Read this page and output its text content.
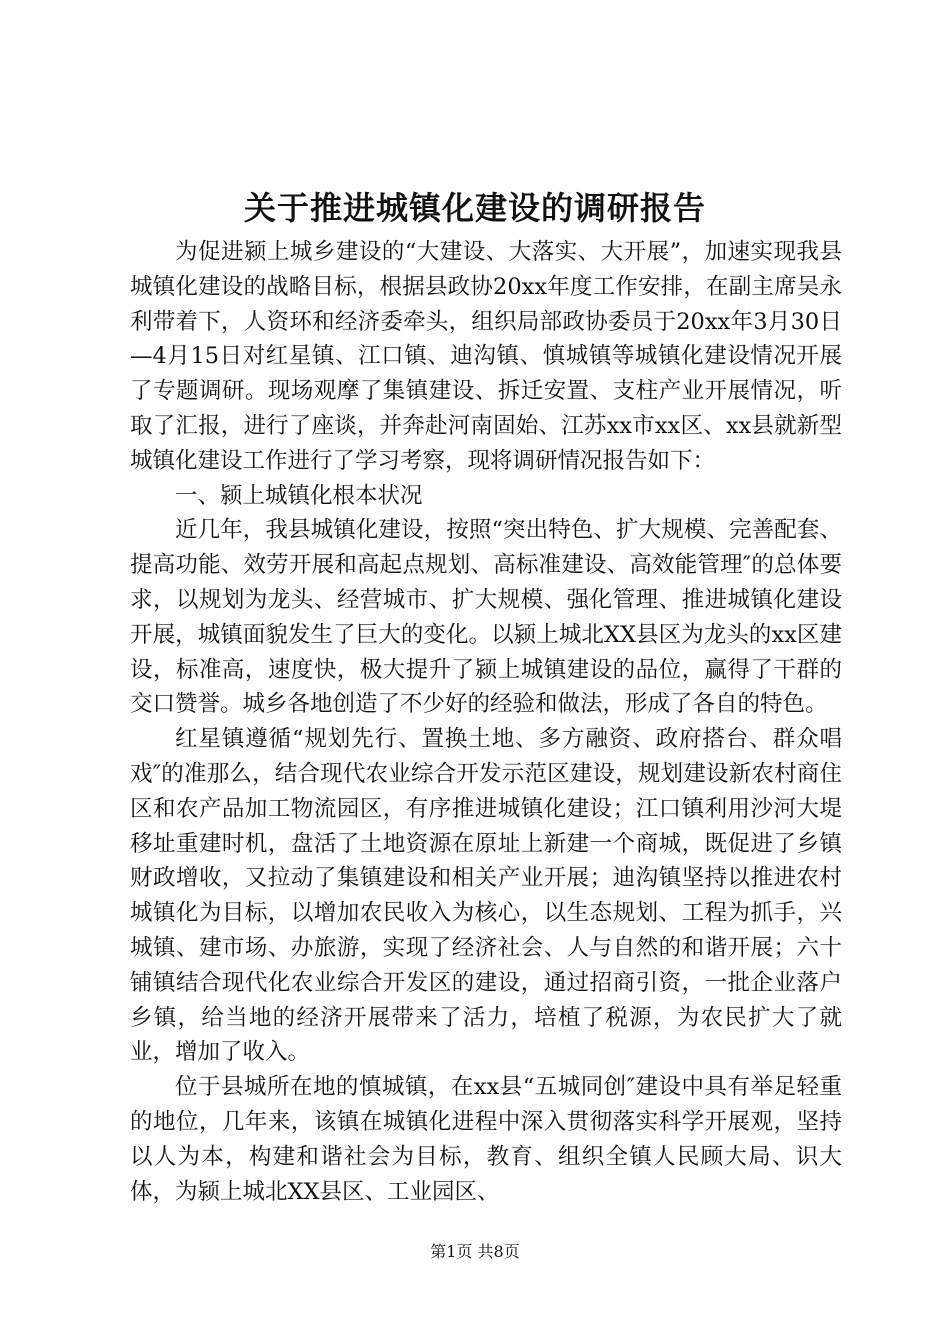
关于推进城镇化建设的调研报告

为促进颍上城乡建设的“大建设、大落实、大开展”，加速实现我县城镇化建设的战略目标，根据县政协20xx年度工作安排，在副主席吴永利带着下，人资环和经济委牵头，组织局部政协委员于20xx年3月30日—4月15日对红星镇、江口镇、迪沟镇、慎城镇等城镇化建设情况开展了专题调研。现场观摩了集镇建设、拆迁安置、支柱产业开展情况，听取了汇报，进行了座谈，并奔赴河南固始、江苏xx市xx区、xx县就新型城镇化建设工作进行了学习考察，现将调研情况报告如下：

一、颍上城镇化根本状况

近几年，我县城镇化建设，按照“突出特色、扩大规模、完善配套、提高功能、效劳开展和高起点规划、高标准建设、高效能管理″的总体要求，以规划为龙头、经营城市、扩大规模、强化管理、推进城镇化建设开展，城镇面貌发生了巨大的变化。以颍上城北XX县区为龙头的xx区建设，标准高，速度快，极大提升了颍上城镇建设的品位，赢得了干群的交口赞誉。城乡各地创造了不少好的经验和做法，形成了各自的特色。

红星镇遵循“规划先行、置换土地、多方融资、政府搭台、群众唱戏″的准那么，结合现代农业综合开发示范区建设，规划建设新农村商住区和农产品加工物流园区，有序推进城镇化建设；江口镇利用沙河大堤移址重建时机，盘活了土地资源在原址上新建一个商城，既促进了乡镇财政增收，又拉动了集镇建设和相关产业开展；迪沟镇坚持以推进农村城镇化为目标，以增加农民收入为核心，以生态规划、工程为抓手，兴城镇、建市场、办旅游，实现了经济社会、人与自然的和谐开展；六十铺镇结合现代化农业综合开发区的建设，通过招商引资，一批企业落户乡镇，给当地的经济开展带来了活力，培植了税源，为农民扩大了就业，增加了收入。

位于县城所在地的慎城镇，在xx县“五城同创″建设中具有举足轻重的地位，几年来，该镇在城镇化进程中深入贯彻落实科学开展观，坚持以人为本，构建和谐社会为目标，教育、组织全镇人民顾大局、识大体，为颍上城北XX县区、工业园区、

第1页 共8页
